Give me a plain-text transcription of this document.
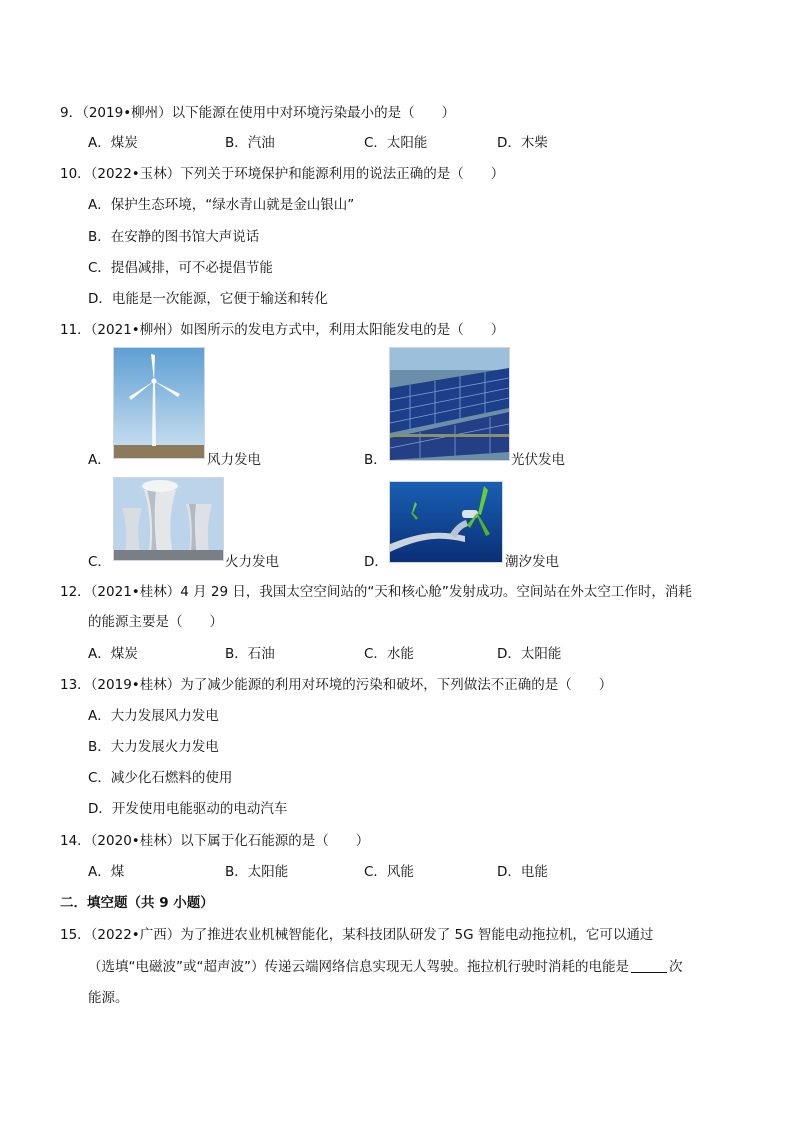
9．（2019•柳州）以下能源在使用中对环境污染最小的是（　　）
A．煤炭	B．汽油	C．太阳能	D．木柴
10．（2022•玉林）下列关于环境保护和能源利用的说法正确的是（　　）
A．保护生态环境，“绿水青山就是金山银山”
B．在安静的图书馆大声说话
C．提倡减排，可不必提倡节能
D．电能是一次能源，它便于输送和转化
11．（2021•柳州）如图所示的发电方式中，利用太阳能发电的是（　　）
A．	风力发电	B．	光伏发电
C．	火力发电	D．	潮汐发电
12．（2021•桂林）4 月 29 日，我国太空空间站的“天和核心舱”发射成功。空间站在外太空工作时，消耗
的能源主要是（　　）
A．煤炭	B．石油	C．水能	D．太阳能
13．（2019•桂林）为了减少能源的利用对环境的污染和破坏，下列做法不正确的是（　　）
A．大力发展风力发电
B．大力发展火力发电
C．减少化石燃料的使用
D．开发使用电能驱动的电动汽车
14．（2020•桂林）以下属于化石能源的是（　　）
A．煤	B．太阳能	C．风能	D．电能
二．填空题（共 9 小题）
15．（2022•广西）为了推进农业机械智能化，某科技团队研发了 5G 智能电动拖拉机，它可以通过
（选填“电磁波”或“超声波”）传递云端网络信息实现无人驾驶。拖拉机行驶时消耗的电能是	次
能源。
